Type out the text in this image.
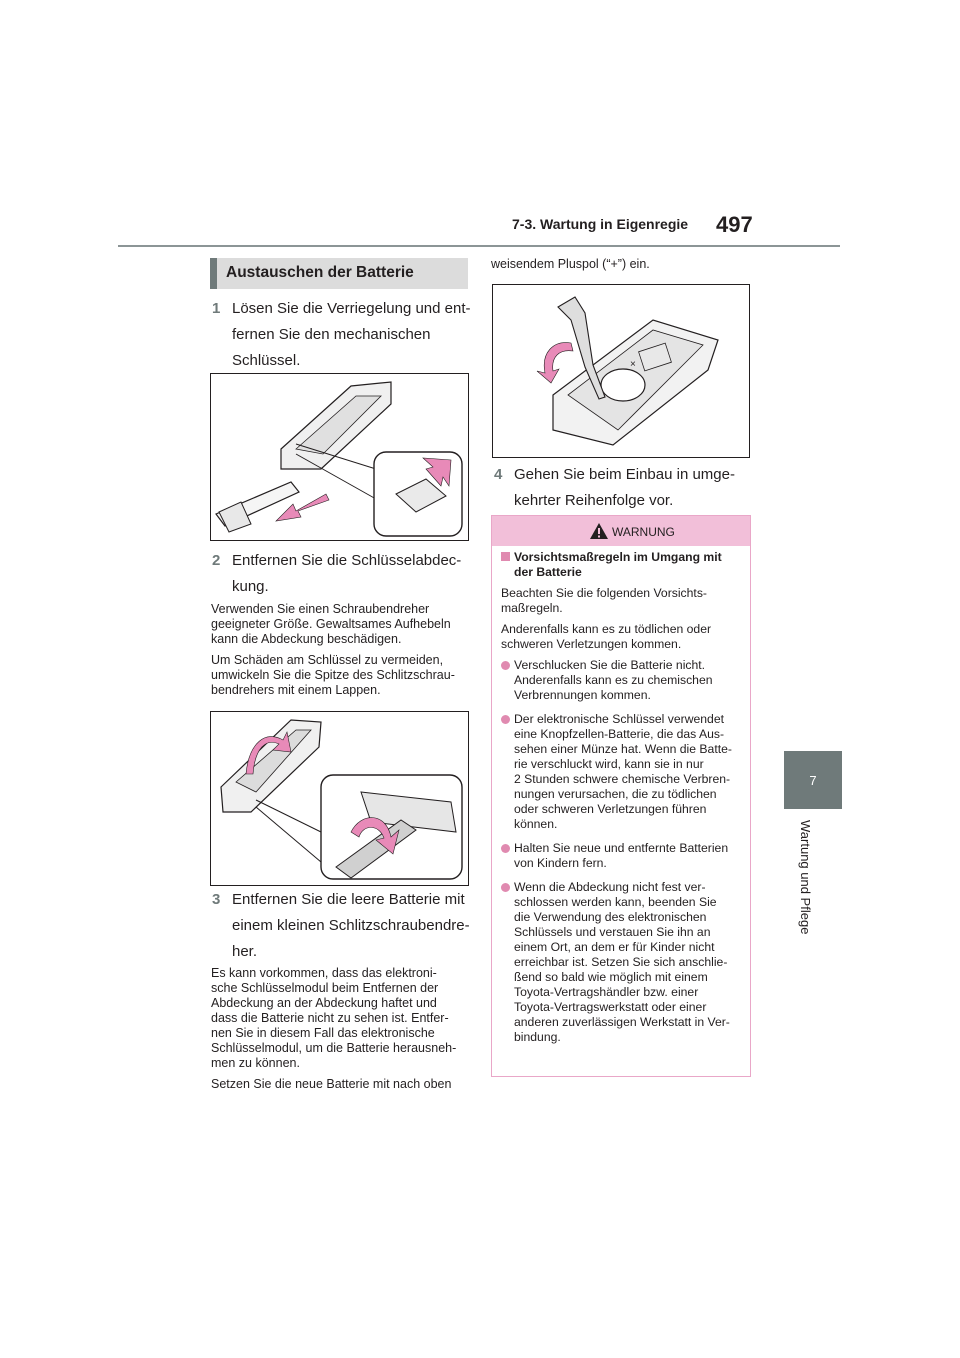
7-3. Wartung in Eigenregie 497
7
Wartung und Pflege
Austauschen der Batterie
1 Lösen Sie die Verriegelung und ent-
fernen Sie den mechanischen
Schlüssel.
2 Entfernen Sie die Schlüsselabdec-
kung.
Verwenden Sie einen Schraubendreher
geeigneter Größe. Gewaltsames Aufhebeln
kann die Abdeckung beschädigen.
Um Schäden am Schlüssel zu vermeiden,
umwickeln Sie die Spitze des Schlitzschrau-
bendrehers mit einem Lappen.
3 Entfernen Sie die leere Batterie mit
einem kleinen Schlitzschraubendre-
her.
Es kann vorkommen, dass das elektroni-
sche Schlüsselmodul beim Entfernen der
Abdeckung an der Abdeckung haftet und
dass die Batterie nicht zu sehen ist. Entfer-
nen Sie in diesem Fall das elektronische
Schlüsselmodul, um die Batterie herausneh-
men zu können.
Setzen Sie die neue Batterie mit nach oben
weisendem Pluspol (“+”) ein.
×
4 Gehen Sie beim Einbau in umge-
kehrter Reihenfolge vor.
WARNUNG
Vorsichtsmaßregeln im Umgang mit
der Batterie

Beachten Sie die folgenden Vorsichts-
maßregeln.

Anderenfalls kann es zu tödlichen oder
schweren Verletzungen kommen.

Verschlucken Sie die Batterie nicht.
Anderenfalls kann es zu chemischen
Verbrennungen kommen.
Der elektronische Schlüssel verwendet
eine Knopfzellen-Batterie, die das Aus-
sehen einer Münze hat. Wenn die Batte-
rie verschluckt wird, kann sie in nur
2 Stunden schwere chemische Verbren-
nungen verursachen, die zu tödlichen
oder schweren Verletzungen führen
können.
Halten Sie neue und entfernte Batterien
von Kindern fern.
Wenn die Abdeckung nicht fest ver-
schlossen werden kann, beenden Sie
die Verwendung des elektronischen
Schlüssels und verstauen Sie ihn an
einem Ort, an dem er für Kinder nicht
erreichbar ist. Setzen Sie sich anschlie-
ßend so bald wie möglich mit einem
Toyota-Vertragshändler bzw. einer
Toyota-Vertragswerkstatt oder einer
anderen zuverlässigen Werkstatt in Ver-
bindung.
